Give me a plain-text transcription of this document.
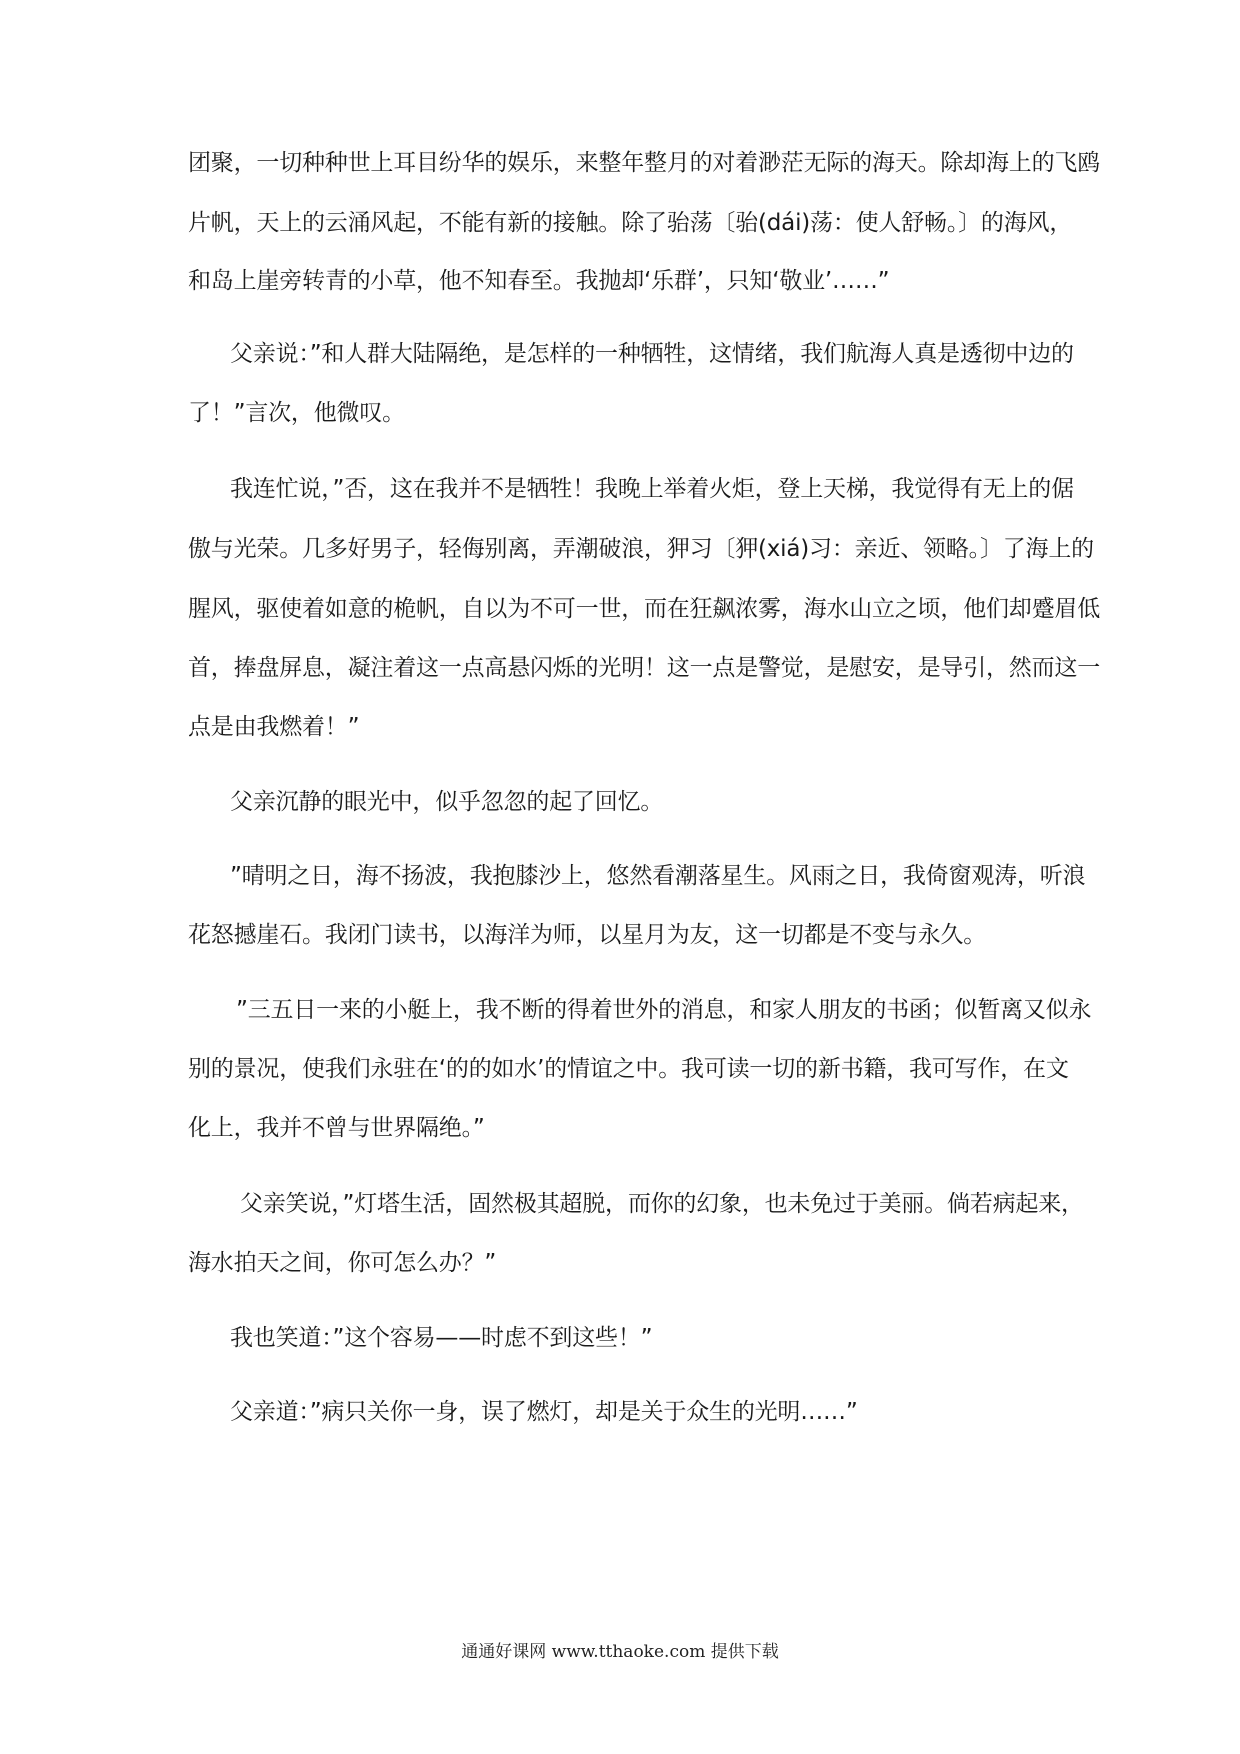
团聚，一切种种世上耳目纷华的娱乐，来整年整月的对着渺茫无际的海天。除却海上的飞鸥
片帆，天上的云涌风起，不能有新的接触。除了骀荡〔骀(dái)荡：使人舒畅。〕的海风，
和岛上崖旁转青的小草，他不知春至。我抛却‘乐群’，只知‘敬业’……”
父亲说：”和人群大陆隔绝，是怎样的一种牺牲，这情绪，我们航海人真是透彻中边的
了！”言次，他微叹。
我连忙说，”否，这在我并不是牺牲！我晚上举着火炬，登上天梯，我觉得有无上的倨
傲与光荣。几多好男子，轻侮别离，弄潮破浪，狎习〔狎(xiá)习：亲近、领略。〕了海上的
腥风，驱使着如意的桅帆，自以为不可一世，而在狂飙浓雾，海水山立之顷，他们却蹙眉低
首，捧盘屏息，凝注着这一点高悬闪烁的光明！这一点是警觉，是慰安，是导引，然而这一
点是由我燃着！”
父亲沉静的眼光中，似乎忽忽的起了回忆。
”晴明之日，海不扬波，我抱膝沙上，悠然看潮落星生。风雨之日，我倚窗观涛，听浪
花怒撼崖石。我闭门读书，以海洋为师，以星月为友，这一切都是不变与永久。
”三五日一来的小艇上，我不断的得着世外的消息，和家人朋友的书函；似暂离又似永
别的景况，使我们永驻在‘的的如水’的情谊之中。我可读一切的新书籍，我可写作，在文
化上，我并不曾与世界隔绝。”
父亲笑说，”灯塔生活，固然极其超脱，而你的幻象，也未免过于美丽。倘若病起来，
海水拍天之间，你可怎么办？”
我也笑道：”这个容易——时虑不到这些！”
父亲道：”病只关你一身，误了燃灯，却是关于众生的光明……”
通通好课网 www.tthaoke.com 提供下载
